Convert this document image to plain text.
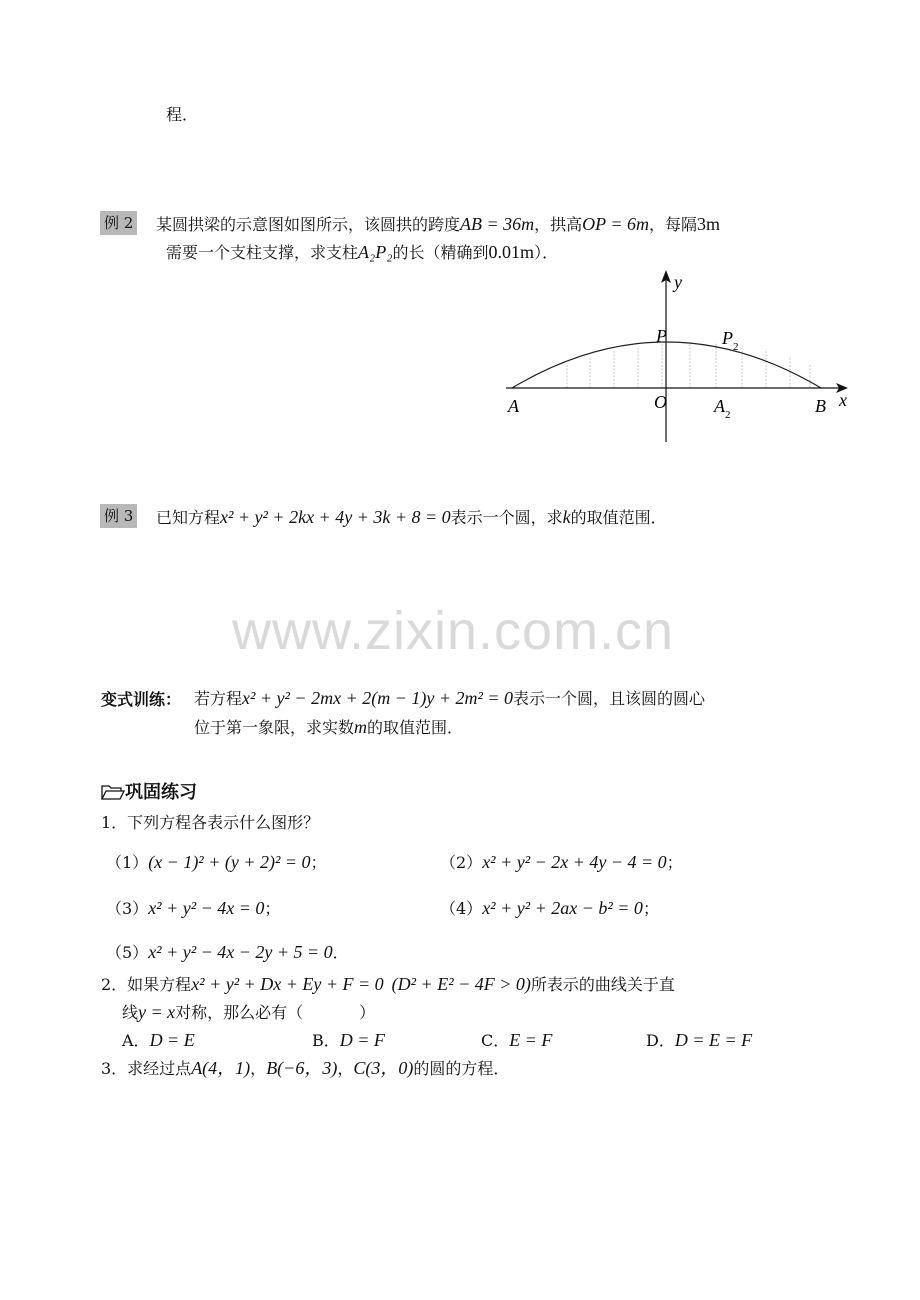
程．
例 2 某圆拱梁的示意图如图所示，该圆拱的跨度AB = 36m，拱高OP = 6m，每隔3m
需要一个支柱支撑，求支柱A₂P₂的长（精确到0.01m）．
y
x
P	$P_2$
A	O	$A_2$	B
例 3 已知方程x² + y² + 2kx + 4y + 3k + 8 = 0表示一个圆，求k的取值范围．
www.zixin.com.cn
变式训练： 若方程x² + y² − 2mx + 2(m − 1)y + 2m² = 0表示一个圆，且该圆的圆心
位于第一象限，求实数m的取值范围．
巩固练习
1．下列方程各表示什么图形？
（1）(x − 1)² + (y + 2)² = 0；	（2）x² + y² − 2x + 4y − 4 = 0；
（3）x² + y² − 4x = 0；	（4）x² + y² + 2ax − b² = 0；
（5）x² + y² − 4x − 2y + 5 = 0．
2．如果方程x² + y² + Dx + Ey + F = 0 (D² + E² − 4F > 0)所表示的曲线关于直
线y = x对称，那么必有（	）
A．D = E	B．D = F	C．E = F	D．D = E = F
3．求经过点A(4，1)，B(−6，3)，C(3，0)的圆的方程．
